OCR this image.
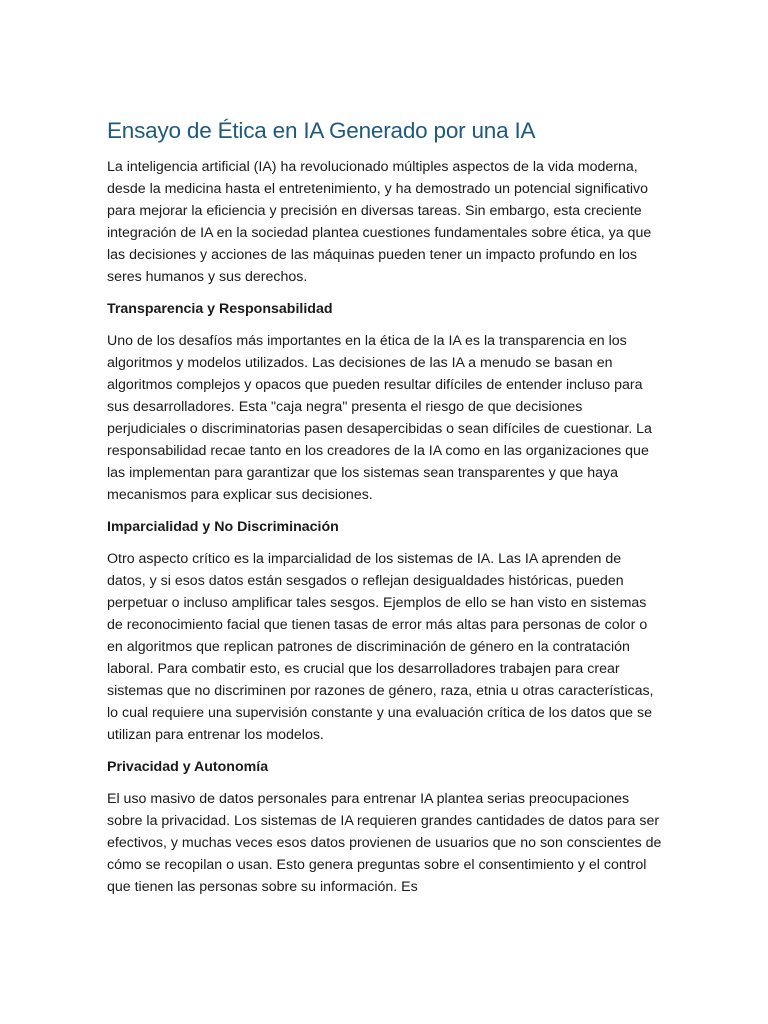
Ensayo de Ética en IA Generado por una IA

La inteligencia artificial (IA) ha revolucionado múltiples aspectos de la vida moderna, desde la medicina hasta el entretenimiento, y ha demostrado un potencial significativo para mejorar la eficiencia y precisión en diversas tareas. Sin embargo, esta creciente integración de IA en la sociedad plantea cuestiones fundamentales sobre ética, ya que las decisiones y acciones de las máquinas pueden tener un impacto profundo en los seres humanos y sus derechos.

Transparencia y Responsabilidad

Uno de los desafíos más importantes en la ética de la IA es la transparencia en los algoritmos y modelos utilizados. Las decisiones de las IA a menudo se basan en algoritmos complejos y opacos que pueden resultar difíciles de entender incluso para sus desarrolladores. Esta "caja negra" presenta el riesgo de que decisiones perjudiciales o discriminatorias pasen desapercibidas o sean difíciles de cuestionar. La responsabilidad recae tanto en los creadores de la IA como en las organizaciones que las implementan para garantizar que los sistemas sean transparentes y que haya mecanismos para explicar sus decisiones.

Imparcialidad y No Discriminación

Otro aspecto crítico es la imparcialidad de los sistemas de IA. Las IA aprenden de datos, y si esos datos están sesgados o reflejan desigualdades históricas, pueden perpetuar o incluso amplificar tales sesgos. Ejemplos de ello se han visto en sistemas de reconocimiento facial que tienen tasas de error más altas para personas de color o en algoritmos que replican patrones de discriminación de género en la contratación laboral. Para combatir esto, es crucial que los desarrolladores trabajen para crear sistemas que no discriminen por razones de género, raza, etnia u otras características, lo cual requiere una supervisión constante y una evaluación crítica de los datos que se utilizan para entrenar los modelos.

Privacidad y Autonomía

El uso masivo de datos personales para entrenar IA plantea serias preocupaciones sobre la privacidad. Los sistemas de IA requieren grandes cantidades de datos para ser efectivos, y muchas veces esos datos provienen de usuarios que no son conscientes de cómo se recopilan o usan. Esto genera preguntas sobre el consentimiento y el control que tienen las personas sobre su información. Es
